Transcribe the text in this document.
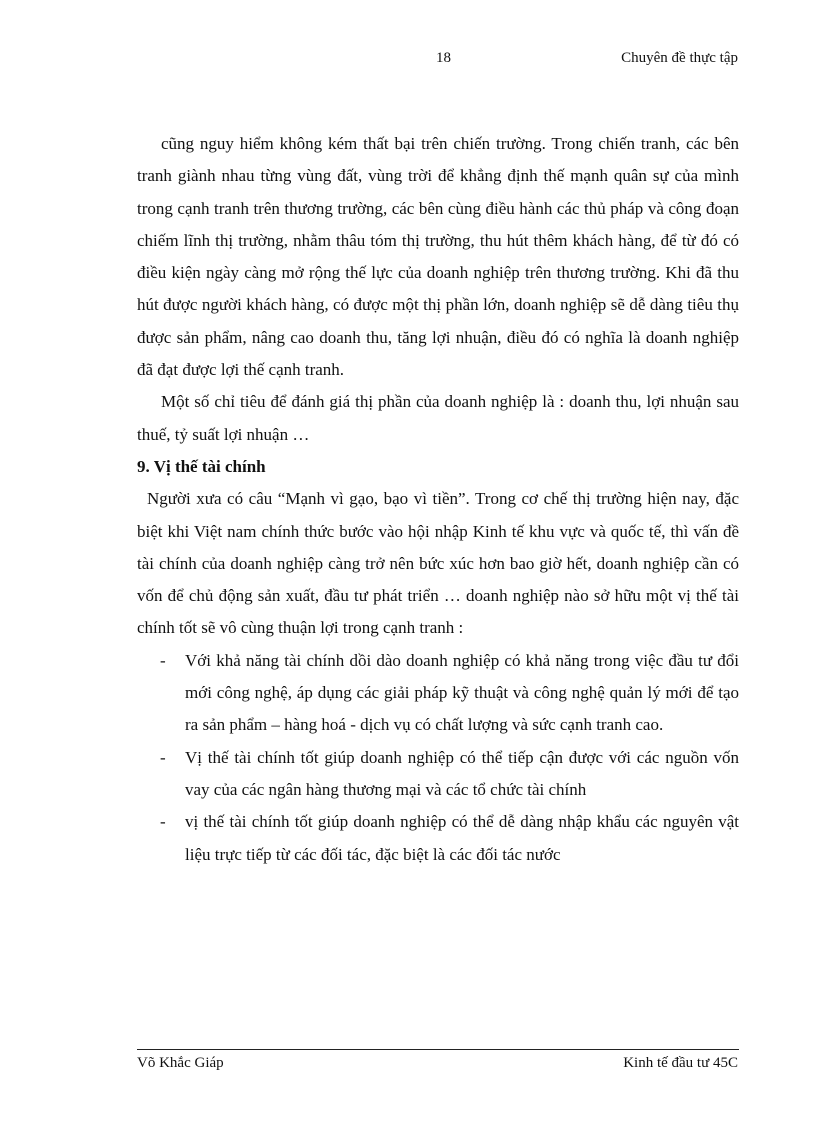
18	Chuyên đề thực tập

cũng nguy hiểm không kém thất bại trên chiến trường. Trong chiến tranh, các bên tranh giành nhau từng vùng đất, vùng trời để khẳng định thế mạnh quân sự của mình trong cạnh tranh trên thương trường, các bên cùng điều hành các thủ pháp và công đoạn chiếm lĩnh thị trường, nhằm thâu tóm thị trường, thu hút thêm khách hàng, để từ đó có điều kiện ngày càng mở rộng thế lực của doanh nghiệp trên thương trường. Khi đã thu hút được người khách hàng, có được một thị phần lớn, doanh nghiệp sẽ dễ dàng tiêu thụ được sản phẩm, nâng cao doanh thu, tăng lợi nhuận, điều đó có nghĩa là doanh nghiệp đã đạt được lợi thế cạnh tranh.

Một số chỉ tiêu để đánh giá thị phần của doanh nghiệp là : doanh thu, lợi nhuận sau thuế, tỷ suất lợi nhuận …

9. Vị thế tài chính

Người xưa có câu “Mạnh vì gạo, bạo vì tiền”. Trong cơ chế thị trường hiện nay, đặc biệt khi Việt nam chính thức bước vào hội nhập Kinh tế khu vực và quốc tế, thì vấn đề tài chính của doanh nghiệp càng trở nên bức xúc hơn bao giờ hết, doanh nghiệp cần có vốn để chủ động sản xuất, đầu tư phát triển … doanh nghiệp nào sở hữu một vị thế tài chính tốt sẽ vô cùng thuận lợi trong cạnh tranh :

- Với khả năng tài chính dồi dào doanh nghiệp có khả năng trong việc đầu tư đổi mới công nghệ, áp dụng các giải pháp kỹ thuật và công nghệ quản lý mới để tạo ra sản phẩm – hàng hoá - dịch vụ có chất lượng và sức cạnh tranh cao.
- Vị thế tài chính tốt giúp doanh nghiệp có thể tiếp cận được với các nguồn vốn vay của các ngân hàng thương mại và các tổ chức tài chính
- vị thế tài chính tốt giúp doanh nghiệp có thể dễ dàng nhập khẩu các nguyên vật liệu trực tiếp từ các đối tác, đặc biệt là các đối tác nước
Võ Khắc Giáp	Kinh tế đầu tư 45C
